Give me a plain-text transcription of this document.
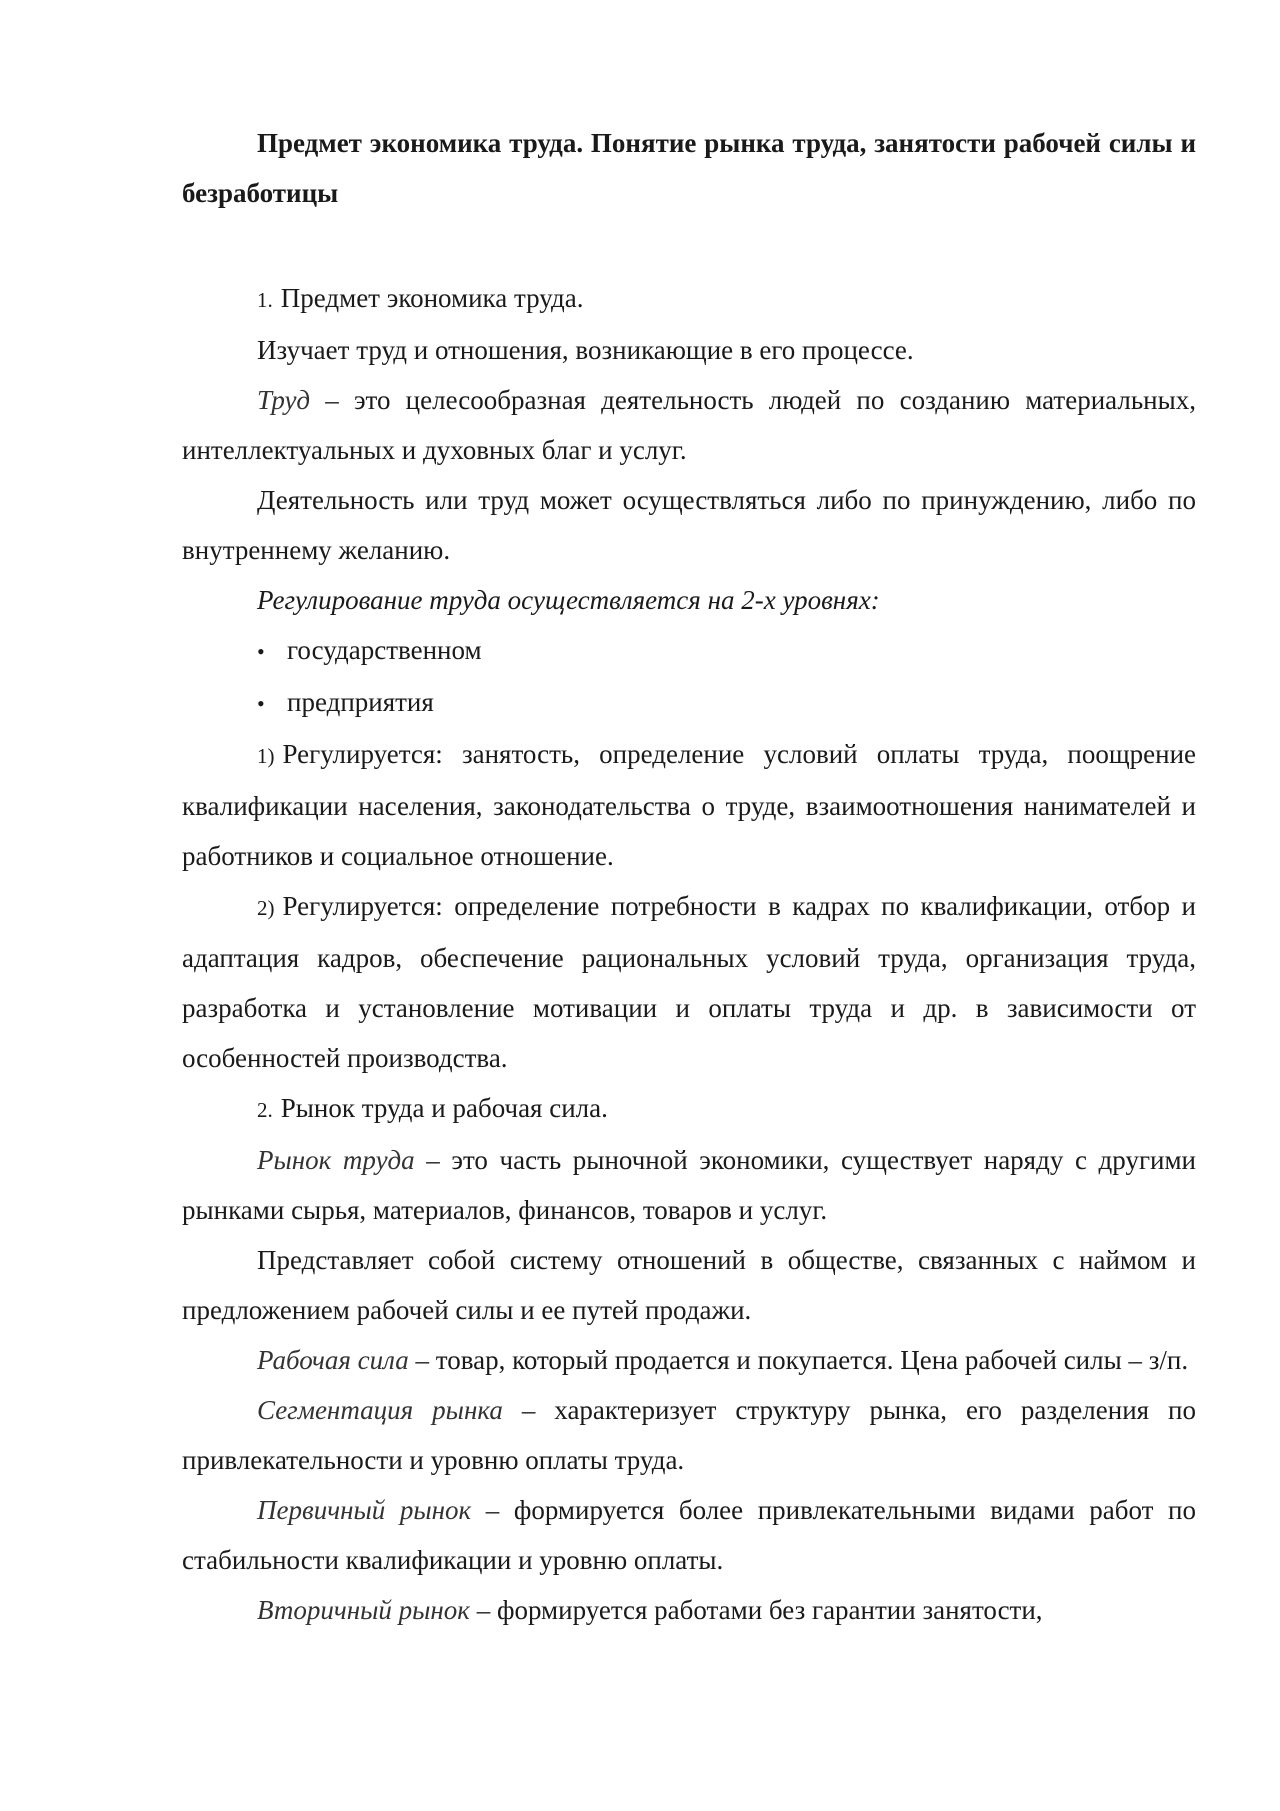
Предмет экономика труда. Понятие рынка труда, занятости рабочей силы и безработицы

1. Предмет экономика труда.

Изучает труд и отношения, возникающие в его процессе.

Труд – это целесообразная деятельность людей по созданию материальных, интеллектуальных и духовных благ и услуг.

Деятельность или труд может осуществляться либо по принуждению, либо по внутреннему желанию.

Регулирование труда осуществляется на 2-х уровнях:

• государственном

• предприятия

1) Регулируется: занятость, определение условий оплаты труда, поощрение квалификации населения, законодательства о труде, взаимоотношения нанимателей и работников и социальное отношение.

2) Регулируется: определение потребности в кадрах по квалификации, отбор и адаптация кадров, обеспечение рациональных условий труда, организация труда, разработка и установление мотивации и оплаты труда и др. в зависимости от особенностей производства.

2. Рынок труда и рабочая сила.

Рынок труда – это часть рыночной экономики, существует наряду с другими рынками сырья, материалов, финансов, товаров и услуг.

Представляет собой систему отношений в обществе, связанных с наймом и предложением рабочей силы и ее путей продажи.

Рабочая сила – товар, который продается и покупается. Цена рабочей силы – з/п.

Сегментация рынка – характеризует структуру рынка, его разделения по привлекательности и уровню оплаты труда.

Первичный рынок – формируется более привлекательными видами работ по стабильности квалификации и уровню оплаты.

Вторичный рынок – формируется работами без гарантии занятости,
